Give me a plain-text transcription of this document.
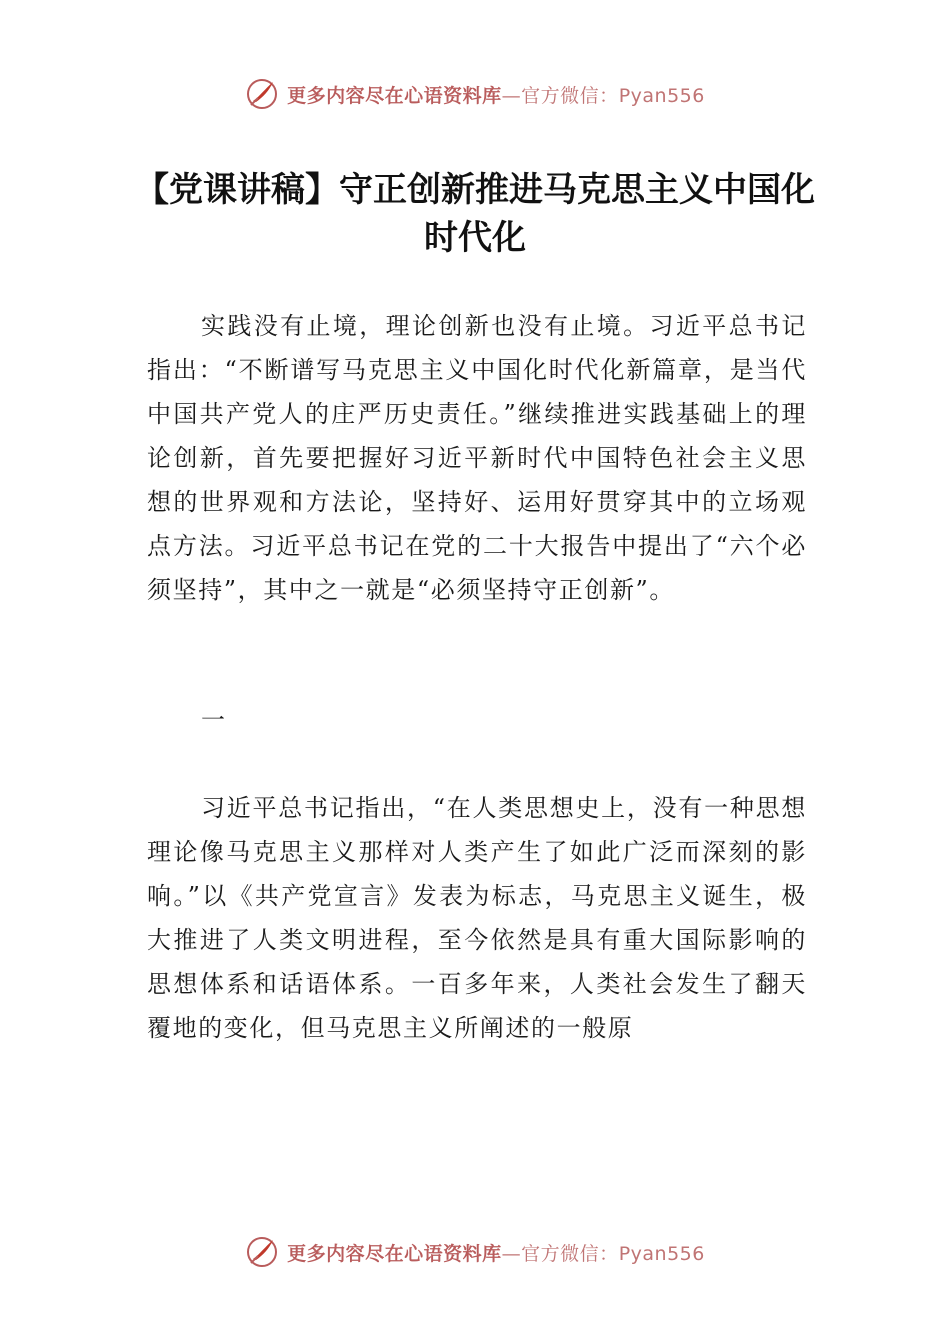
更多内容尽在心语资料库—官方微信：Pyan556
【党课讲稿】守正创新推进马克思主义中国化时代化

实践没有止境，理论创新也没有止境。习近平总书记指出：“不断谱写马克思主义中国化时代化新篇章，是当代中国共产党人的庄严历史责任。”继续推进实践基础上的理论创新，首先要把握好习近平新时代中国特色社会主义思想的世界观和方法论，坚持好、运用好贯穿其中的立场观点方法。习近平总书记在党的二十大报告中提出了“六个必须坚持”，其中之一就是“必须坚持守正创新”。

一

习近平总书记指出，“在人类思想史上，没有一种思想理论像马克思主义那样对人类产生了如此广泛而深刻的影响。”以《共产党宣言》发表为标志，马克思主义诞生，极大推进了人类文明进程，至今依然是具有重大国际影响的思想体系和话语体系。一百多年来，人类社会发生了翻天覆地的变化，但马克思主义所阐述的一般原

更多内容尽在心语资料库—官方微信：Pyan556
